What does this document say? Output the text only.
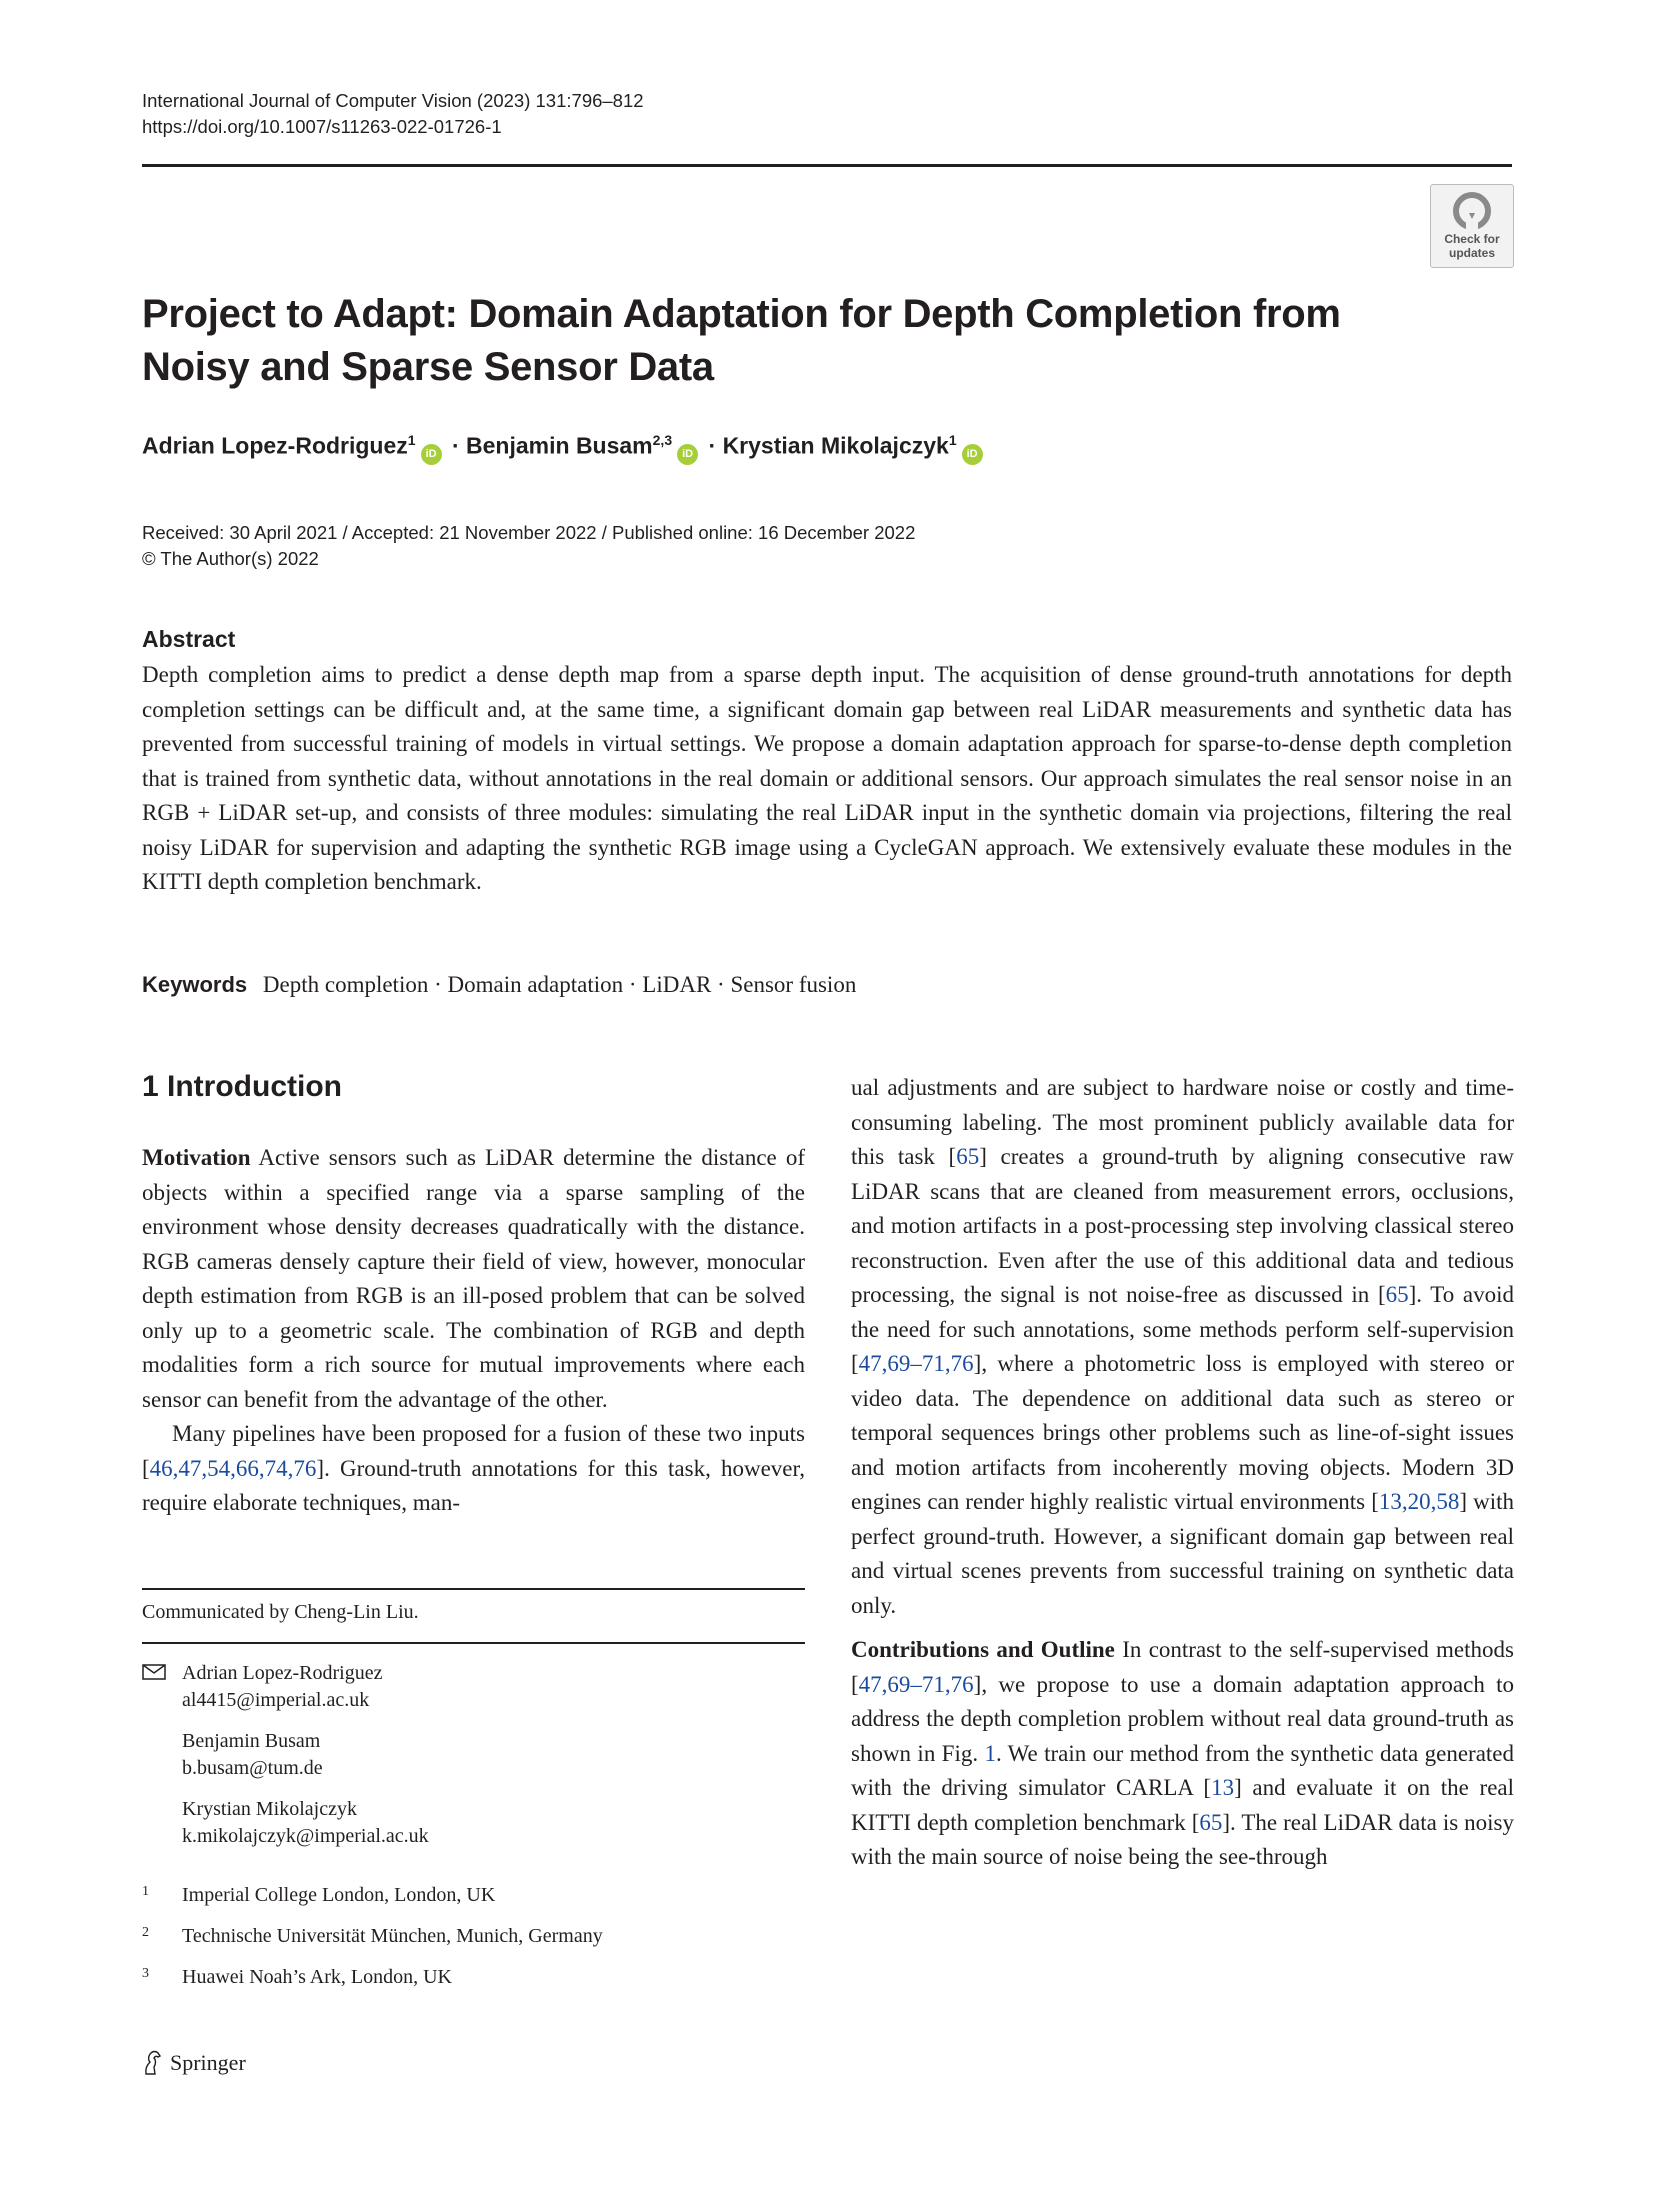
International Journal of Computer Vision (2023) 131:796–812
https://doi.org/10.1007/s11263-022-01726-1
Check for
updates
Project to Adapt: Domain Adaptation for Depth Completion from Noisy and Sparse Sensor Data
Adrian Lopez-Rodriguez$^1$iD · Benjamin Busam$^{2,3}$iD · Krystian Mikolajczyk$^1$iD
Received: 30 April 2021 / Accepted: 21 November 2022 / Published online: 16 December 2022
© The Author(s) 2022
Abstract
Depth completion aims to predict a dense depth map from a sparse depth input. The acquisition of dense ground-truth annotations for depth completion settings can be difficult and, at the same time, a significant domain gap between real LiDAR measurements and synthetic data has prevented from successful training of models in virtual settings. We propose a domain adaptation approach for sparse-to-dense depth completion that is trained from synthetic data, without annotations in the real domain or additional sensors. Our approach simulates the real sensor noise in an RGB + LiDAR set-up, and consists of three modules: simulating the real LiDAR input in the synthetic domain via projections, filtering the real noisy LiDAR for supervision and adapting the synthetic RGB image using a CycleGAN approach. We extensively evaluate these modules in the KITTI depth completion benchmark.
Keywords Depth completion · Domain adaptation · LiDAR · Sensor fusion
1 Introduction

Motivation Active sensors such as LiDAR determine the distance of objects within a specified range via a sparse sampling of the environment whose density decreases quadratically with the distance. RGB cameras densely capture their field of view, however, monocular depth estimation from RGB is an ill-posed problem that can be solved only up to a geometric scale. The combination of RGB and depth modalities form a rich source for mutual improvements where each sensor can benefit from the advantage of the other.

Many pipelines have been proposed for a fusion of these two inputs [46,47,54,66,74,76]. Ground-truth annotations for this task, however, require elaborate techniques, man-

ual adjustments and are subject to hardware noise or costly and time-consuming labeling. The most prominent publicly available data for this task [65] creates a ground-truth by aligning consecutive raw LiDAR scans that are cleaned from measurement errors, occlusions, and motion artifacts in a post-processing step involving classical stereo reconstruction. Even after the use of this additional data and tedious processing, the signal is not noise-free as discussed in [65]. To avoid the need for such annotations, some methods perform self-supervision [47,69–71,76], where a photometric loss is employed with stereo or video data. The dependence on additional data such as stereo or temporal sequences brings other problems such as line-of-sight issues and motion artifacts from incoherently moving objects. Modern 3D engines can render highly realistic virtual environments [13,20,58] with perfect ground-truth. However, a significant domain gap between real and virtual scenes prevents from successful training on synthetic data only.

Contributions and Outline In contrast to the self-supervised methods [47,69–71,76], we propose to use a domain adaptation approach to address the depth completion problem without real data ground-truth as shown in Fig. 1. We train our method from the synthetic data generated with the driving simulator CARLA [13] and evaluate it on the real KITTI depth completion benchmark [65]. The real LiDAR data is noisy with the main source of noise being the see-through

Communicated by Cheng-Lin Liu.
Adrian Lopez-Rodriguez
al4415@imperial.ac.uk
Benjamin Busam
b.busam@tum.de
Krystian Mikolajczyk
k.mikolajczyk@imperial.ac.uk
1 Imperial College London, London, UK
2 Technische Universität München, Munich, Germany
3 Huawei Noah’s Ark, London, UK
Springer
